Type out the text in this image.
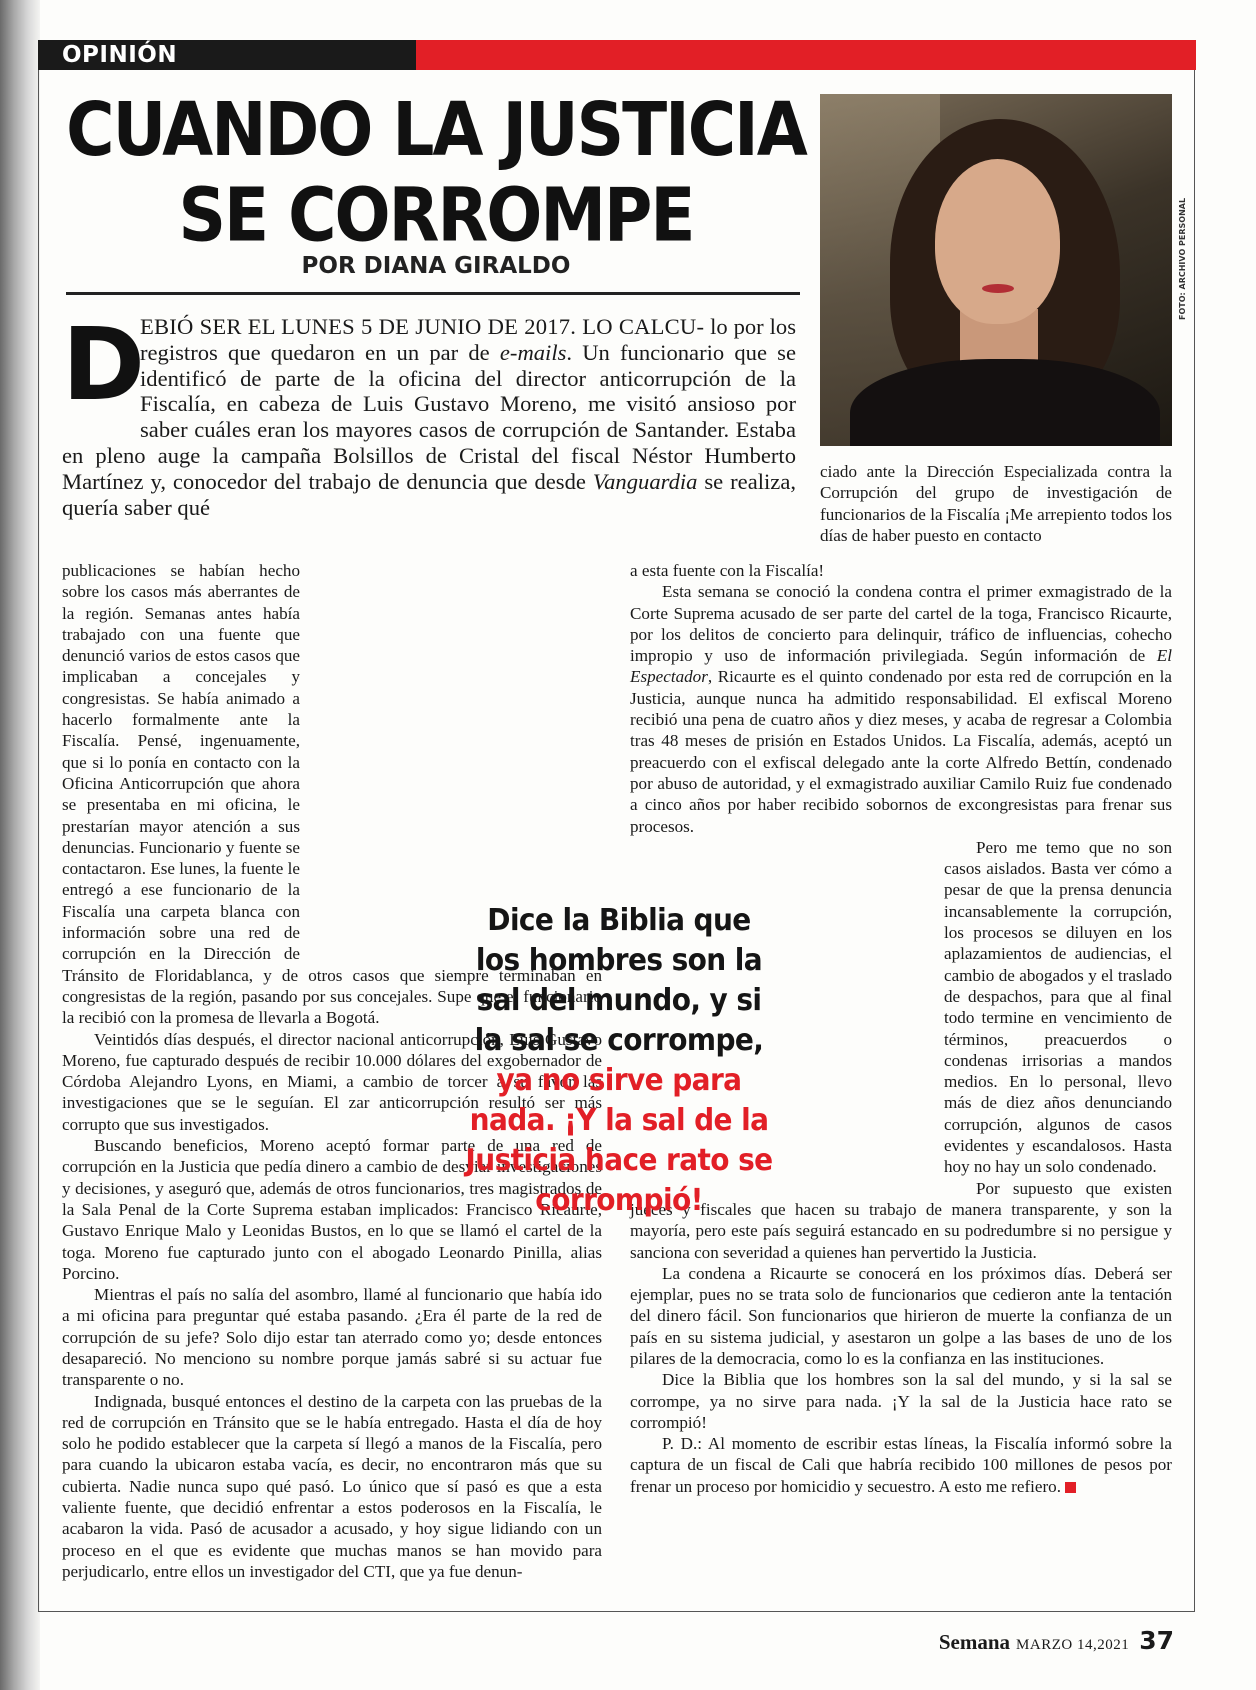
OPINIÓN
CUANDO LA JUSTICIA SE CORROMPE
POR DIANA GIRALDO	FOTO: ARCHIVO PERSONAL

D
EBIÓ SER EL LUNES 5 DE JUNIO DE 2017. LO CALCU- lo por los registros que quedaron en un par de e-mails. Un funcionario que se identificó de parte de la oficina del director anticorrupción de la Fiscalía, en cabeza de Luis Gustavo Moreno, me visitó ansioso por saber cuáles eran los mayores casos de corrupción de Santander. Estaba en pleno auge la campaña Bolsillos de Cristal del fiscal Néstor Humberto Martínez y, conocedor del trabajo de denuncia que desde Vanguardia se realiza, quería saber qué

ciado ante la Dirección Especializada contra la Corrupción del grupo de investigación de funcionarios de la Fiscalía ¡Me arrepiento todos los días de haber puesto en contacto

publicaciones se habían hecho sobre los casos más aberrantes de la región. Semanas antes había trabajado con una fuente que denunció varios de estos casos que implicaban a concejales y congresistas. Se había animado a hacerlo formalmente ante la Fiscalía. Pensé, ingenuamente, que si lo ponía en contacto con la Oficina Anticorrupción que ahora se presentaba en mi oficina, le prestarían mayor atención a sus denuncias. Funcionario y fuente se contactaron. Ese lunes, la fuente le entregó a ese funcionario de la Fiscalía una carpeta blanca con información sobre una red de corrupción en la Dirección de Tránsito de Floridablanca, y de otros casos que siempre terminaban en congresistas de la región, pasando por sus concejales. Supe que el funcionario la recibió con la promesa de llevarla a Bogotá.

Veintidós días después, el director nacional anticorrupción, Luis Gustavo Moreno, fue capturado después de recibir 10.000 dólares del exgobernador de Córdoba Alejandro Lyons, en Miami, a cambio de torcer a su favor las investigaciones que se le seguían. El zar anticorrupción resultó ser más corrupto que sus investigados.

Buscando beneficios, Moreno aceptó formar parte de una red de corrupción en la Justicia que pedía dinero a cambio de desviar investigaciones y decisiones, y aseguró que, además de otros funcionarios, tres magistrados de la Sala Penal de la Corte Suprema estaban implicados: Francisco Ricaurte, Gustavo Enrique Malo y Leonidas Bustos, en lo que se llamó el cartel de la toga. Moreno fue capturado junto con el abogado Leonardo Pinilla, alias Porcino.

Mientras el país no salía del asombro, llamé al funcionario que había ido a mi oficina para preguntar qué estaba pasando. ¿Era él parte de la red de corrupción de su jefe? Solo dijo estar tan aterrado como yo; desde entonces desapareció. No menciono su nombre porque jamás sabré si su actuar fue transparente o no.

Indignada, busqué entonces el destino de la carpeta con las pruebas de la red de corrupción en Tránsito que se le había entregado. Hasta el día de hoy solo he podido establecer que la carpeta sí llegó a manos de la Fiscalía, pero para cuando la ubicaron estaba vacía, es decir, no encontraron más que su cubierta. Nadie nunca supo qué pasó. Lo único que sí pasó es que a esta valiente fuente, que decidió enfrentar a estos poderosos en la Fiscalía, le acabaron la vida. Pasó de acusador a acusado, y hoy sigue lidiando con un proceso en el que es evidente que muchas manos se han movido para perjudicarlo, entre ellos un investigador del CTI, que ya fue denun-

a esta fuente con la Fiscalía!

Esta semana se conoció la condena contra el primer exmagistrado de la Corte Suprema acusado de ser parte del cartel de la toga, Francisco Ricaurte, por los delitos de concierto para delinquir, tráfico de influencias, cohecho impropio y uso de información privilegiada. Según información de El Espectador, Ricaurte es el quinto condenado por esta red de corrupción en la Justicia, aunque nunca ha admitido responsabilidad. El exfiscal Moreno recibió una pena de cuatro años y diez meses, y acaba de regresar a Colombia tras 48 meses de prisión en Estados Unidos. La Fiscalía, además, aceptó un preacuerdo con el exfiscal delegado ante la corte Alfredo Bettín, condenado por abuso de autoridad, y el exmagistrado auxiliar Camilo Ruiz fue condenado a cinco años por haber recibido sobornos de excongresistas para frenar sus procesos.

Pero me temo que no son casos aislados. Basta ver cómo a pesar de que la prensa denuncia incansablemente la corrupción, los procesos se diluyen en los aplazamientos de audiencias, el cambio de abogados y el traslado de despachos, para que al final todo termine en vencimiento de términos, preacuerdos o condenas irrisorias a mandos medios. En lo personal, llevo más de diez años denunciando corrupción, algunos de casos evidentes y escandalosos. Hasta hoy no hay un solo condenado.

Por supuesto que existen jueces y fiscales que hacen su trabajo de manera transparente, y son la mayoría, pero este país seguirá estancado en su podredumbre si no persigue y sanciona con severidad a quienes han pervertido la Justicia.

La condena a Ricaurte se conocerá en los próximos días. Deberá ser ejemplar, pues no se trata solo de funcionarios que cedieron ante la tentación del dinero fácil. Son funcionarios que hirieron de muerte la confianza de un país en su sistema judicial, y asestaron un golpe a las bases de uno de los pilares de la democracia, como lo es la confianza en las instituciones.

Dice la Biblia que los hombres son la sal del mundo, y si la sal se corrompe, ya no sirve para nada. ¡Y la sal de la Justicia hace rato se corrompió!

P. D.: Al momento de escribir estas líneas, la Fiscalía informó sobre la captura de un fiscal de Cali que habría recibido 100 millones de pesos por frenar un proceso por homicidio y secuestro. A esto me refiero.

Dice la Biblia que los hombres son la sal del mundo, y si la sal se corrompe, ya no sirve para nada. ¡Y la sal de la Justicia hace rato se corrompió!
Semana MARZO 14,2021 37
